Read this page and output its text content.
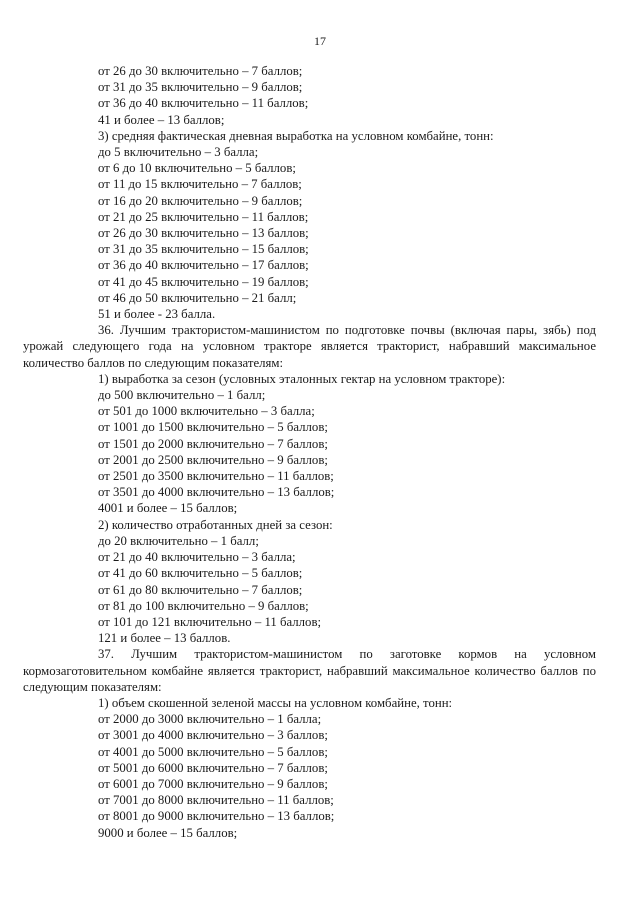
17
от 26 до 30 включительно – 7 баллов;
от 31 до 35 включительно – 9 баллов;
от 36 до 40 включительно – 11 баллов;
41 и более – 13 баллов;
3) средняя фактическая дневная выработка на условном комбайне, тонн:
до 5 включительно – 3 балла;
от 6 до 10 включительно – 5 баллов;
от 11 до 15 включительно – 7 баллов;
от 16 до 20 включительно – 9 баллов;
от 21 до 25 включительно – 11 баллов;
от 26 до 30 включительно – 13 баллов;
от 31 до 35 включительно – 15 баллов;
от 36 до 40 включительно – 17 баллов;
от 41 до 45 включительно – 19 баллов;
от 46 до 50 включительно – 21 балл;
51 и более - 23 балла.
36. Лучшим трактористом-машинистом по подготовке почвы (включая пары, зябь) под урожай следующего года на условном тракторе является тракторист, набравший максимальное количество баллов по следующим показателям:
1) выработка за сезон (условных эталонных гектар на условном тракторе):
до 500 включительно – 1 балл;
от 501 до 1000 включительно – 3 балла;
от 1001 до 1500 включительно – 5 баллов;
от 1501 до 2000 включительно – 7 баллов;
от 2001 до 2500 включительно – 9 баллов;
от 2501 до 3500 включительно – 11 баллов;
от 3501 до 4000 включительно – 13 баллов;
4001 и более – 15 баллов;
2) количество отработанных дней за сезон:
до 20 включительно – 1 балл;
от 21 до 40 включительно – 3 балла;
от 41 до 60 включительно – 5 баллов;
от 61 до 80 включительно – 7 баллов;
от 81 до 100 включительно – 9 баллов;
от 101 до 121 включительно – 11 баллов;
121 и более – 13 баллов.
37. Лучшим трактористом-машинистом по заготовке кормов на условном кормозаготовительном комбайне является тракторист, набравший максимальное количество баллов по следующим показателям:
1) объем скошенной зеленой массы на условном комбайне, тонн:
от 2000 до 3000 включительно – 1 балла;
от 3001 до 4000 включительно – 3 баллов;
от 4001 до 5000 включительно – 5 баллов;
от 5001 до 6000 включительно – 7 баллов;
от 6001 до 7000 включительно – 9 баллов;
от 7001 до 8000 включительно – 11 баллов;
от 8001 до 9000 включительно – 13 баллов;
9000 и более – 15 баллов;
